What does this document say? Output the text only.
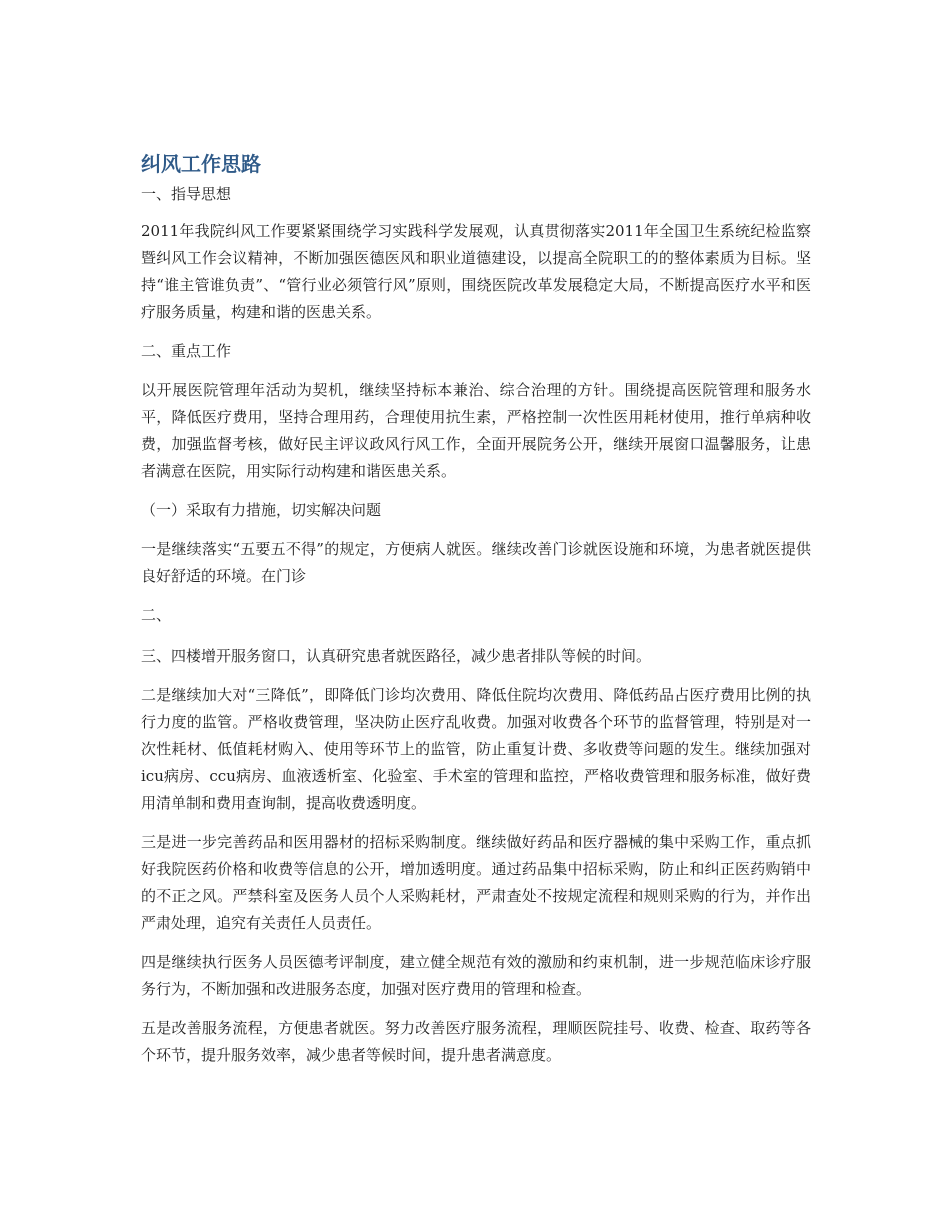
纠风工作思路

一、指导思想

2011年我院纠风工作要紧紧围绕学习实践科学发展观，认真贯彻落实2011年全国卫生系统纪检监察暨纠风工作会议精神，不断加强医德医风和职业道德建设，以提高全院职工的的整体素质为目标。坚持“谁主管谁负责”、“管行业必须管行风”原则，围绕医院改革发展稳定大局，不断提高医疗水平和医疗服务质量，构建和谐的医患关系。

二、重点工作

以开展医院管理年活动为契机，继续坚持标本兼治、综合治理的方针。围绕提高医院管理和服务水平，降低医疗费用，坚持合理用药，合理使用抗生素，严格控制一次性医用耗材使用，推行单病种收费，加强监督考核，做好民主评议政风行风工作，全面开展院务公开，继续开展窗口温馨服务，让患者满意在医院，用实际行动构建和谐医患关系。

（一）采取有力措施，切实解决问题

一是继续落实“五要五不得”的规定，方便病人就医。继续改善门诊就医设施和环境，为患者就医提供良好舒适的环境。在门诊

二、

三、四楼增开服务窗口，认真研究患者就医路径，减少患者排队等候的时间。

二是继续加大对“三降低”，即降低门诊均次费用、降低住院均次费用、降低药品占医疗费用比例的执行力度的监管。严格收费管理，坚决防止医疗乱收费。加强对收费各个环节的监督管理，特别是对一次性耗材、低值耗材购入、使用等环节上的监管，防止重复计费、多收费等问题的发生。继续加强对icu病房、ccu病房、血液透析室、化验室、手术室的管理和监控，严格收费管理和服务标准，做好费用清单制和费用查询制，提高收费透明度。

三是进一步完善药品和医用器材的招标采购制度。继续做好药品和医疗器械的集中采购工作，重点抓好我院医药价格和收费等信息的公开，增加透明度。通过药品集中招标采购，防止和纠正医药购销中的不正之风。严禁科室及医务人员个人采购耗材，严肃查处不按规定流程和规则采购的行为，并作出严肃处理，追究有关责任人员责任。

四是继续执行医务人员医德考评制度，建立健全规范有效的激励和约束机制，进一步规范临床诊疗服务行为，不断加强和改进服务态度，加强对医疗费用的管理和检查。

五是改善服务流程，方便患者就医。努力改善医疗服务流程，理顺医院挂号、收费、检查、取药等各个环节，提升服务效率，减少患者等候时间，提升患者满意度。
